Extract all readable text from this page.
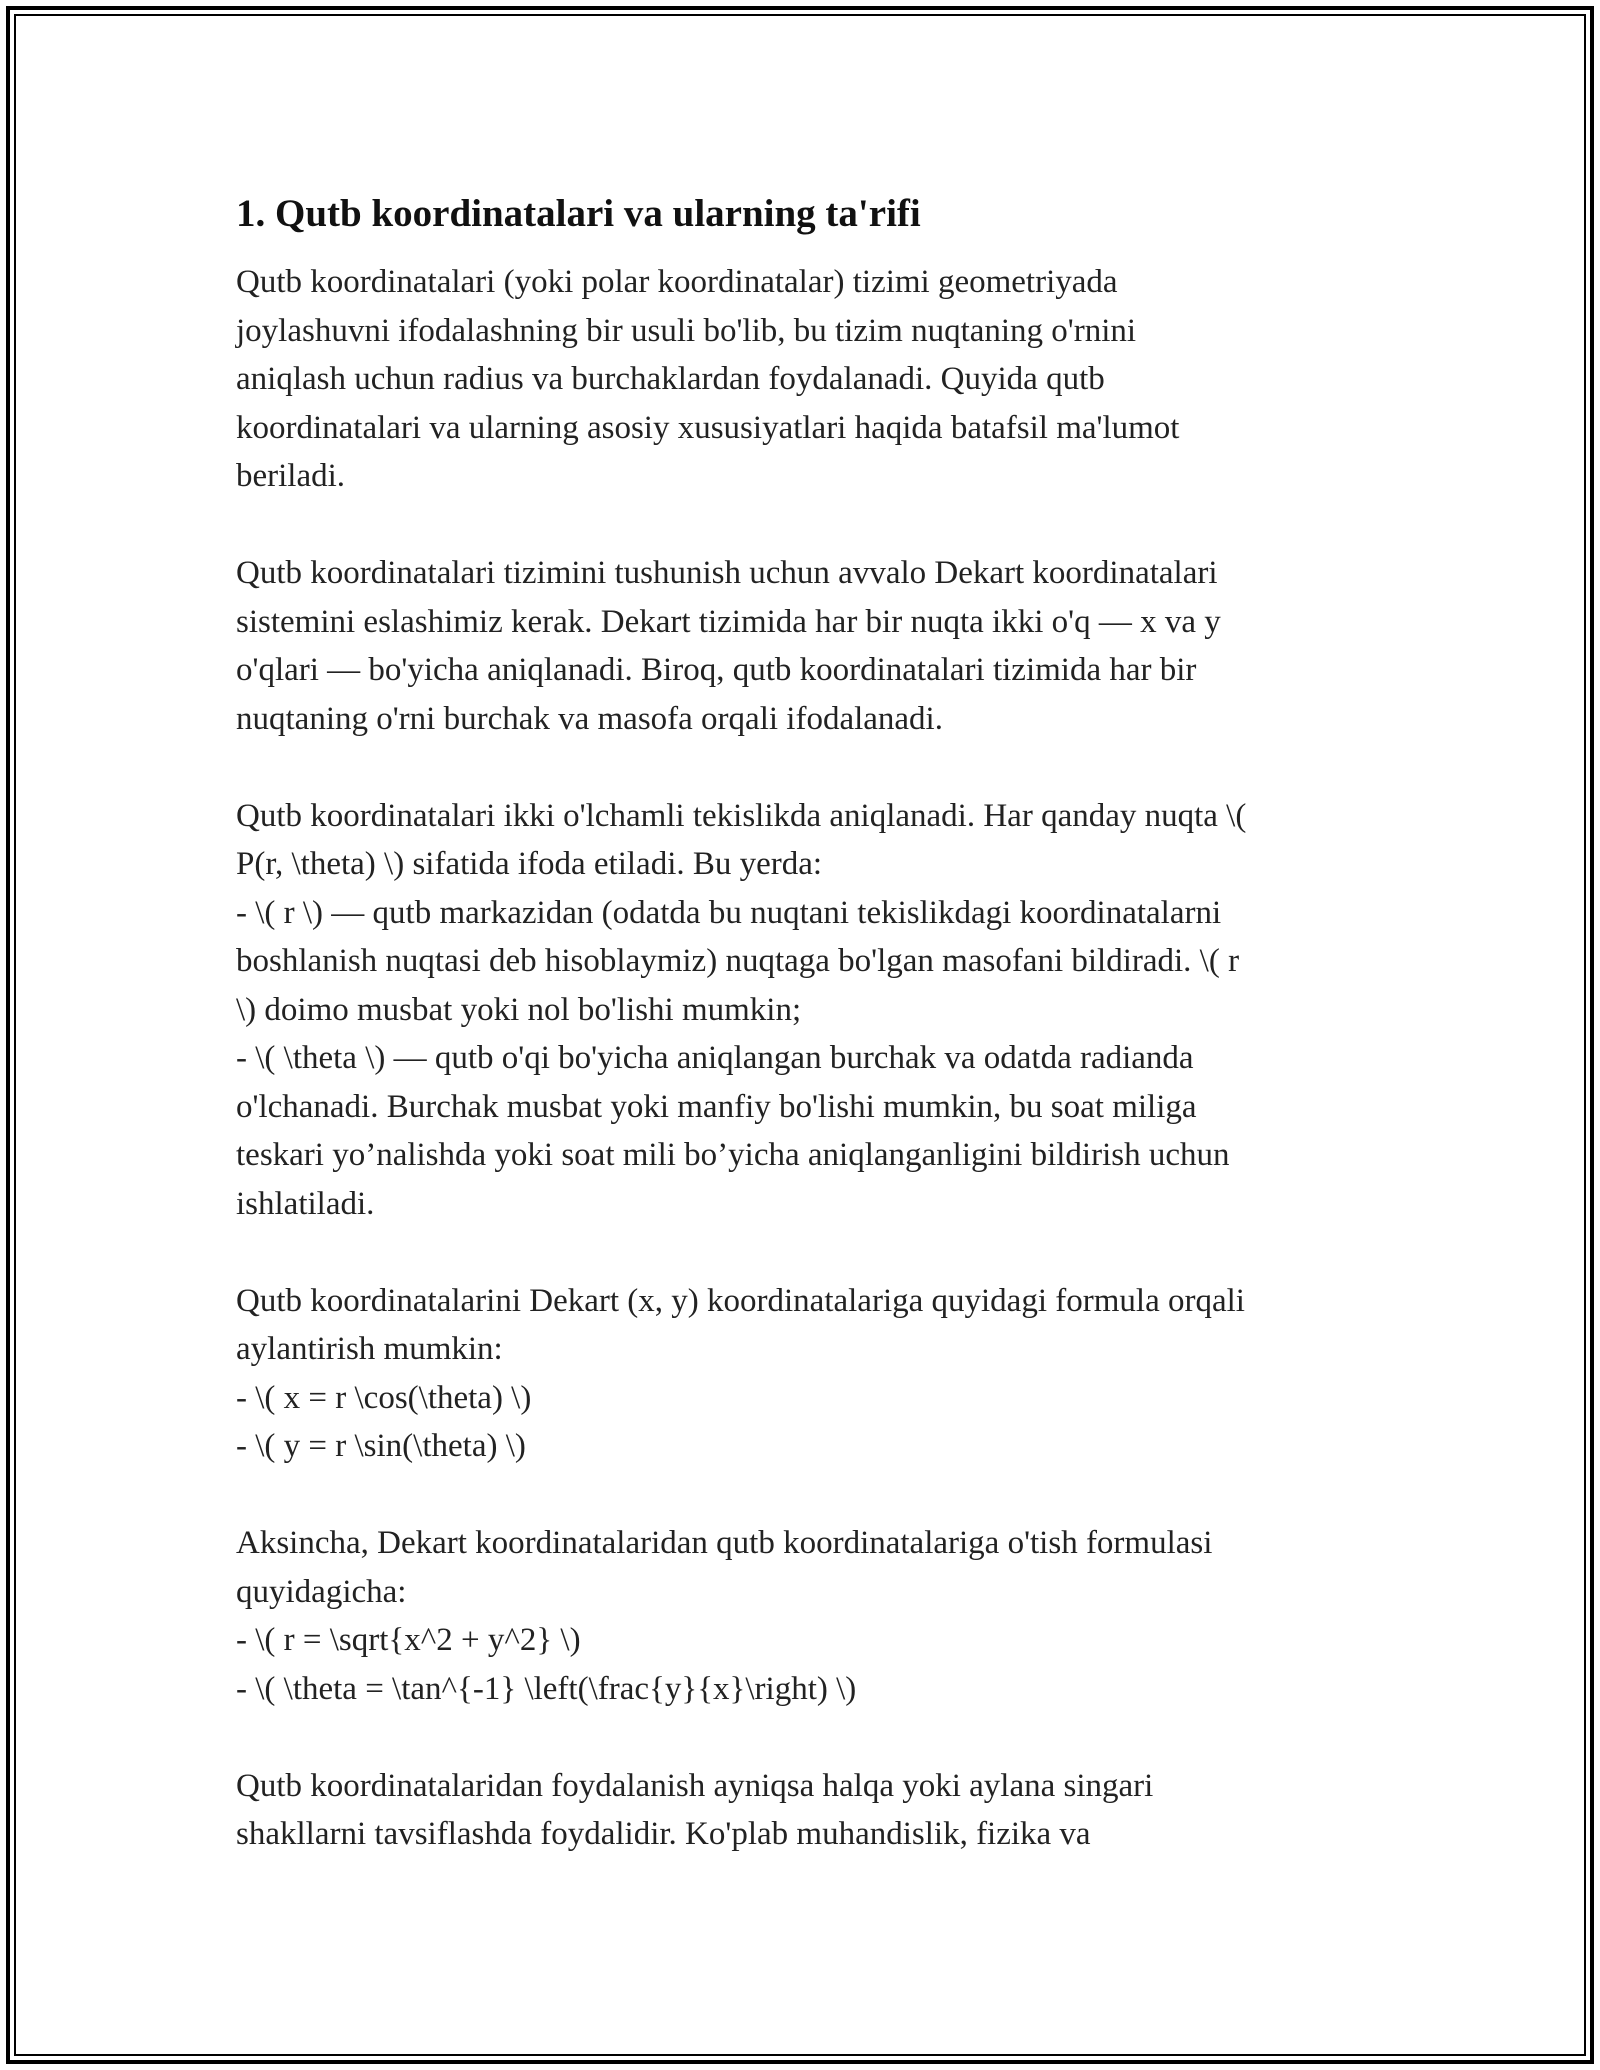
1. Qutb koordinatalari va ularning ta'rifi

Qutb koordinatalari (yoki polar koordinatalar) tizimi geometriyada
joylashuvni ifodalashning bir usuli bo'lib, bu tizim nuqtaning o'rnini
aniqlash uchun radius va burchaklardan foydalanadi. Quyida qutb
koordinatalari va ularning asosiy xususiyatlari haqida batafsil ma'lumot
beriladi.

Qutb koordinatalari tizimini tushunish uchun avvalo Dekart koordinatalari
sistemini eslashimiz kerak. Dekart tizimida har bir nuqta ikki o'q — x va y
o'qlari — bo'yicha aniqlanadi. Biroq, qutb koordinatalari tizimida har bir
nuqtaning o'rni burchak va masofa orqali ifodalanadi.

Qutb koordinatalari ikki o'lchamli tekislikda aniqlanadi. Har qanday nuqta \(
P(r, \theta) \) sifatida ifoda etiladi. Bu yerda:
- \( r \) — qutb markazidan (odatda bu nuqtani tekislikdagi koordinatalarni
boshlanish nuqtasi deb hisoblaymiz) nuqtaga bo'lgan masofani bildiradi. \( r
\) doimo musbat yoki nol bo'lishi mumkin;
- \( \theta \) — qutb o'qi bo'yicha aniqlangan burchak va odatda radianda
o'lchanadi. Burchak musbat yoki manfiy bo'lishi mumkin, bu soat miliga
teskari yo’nalishda yoki soat mili bo’yicha aniqlanganligini bildirish uchun
ishlatiladi.

Qutb koordinatalarini Dekart (x, y) koordinatalariga quyidagi formula orqali
aylantirish mumkin:
- \( x = r \cos(\theta) \)
- \( y = r \sin(\theta) \)

Aksincha, Dekart koordinatalaridan qutb koordinatalariga o'tish formulasi
quyidagicha:
- \( r = \sqrt{x^2 + y^2} \)
- \( \theta = \tan^{-1} \left(\frac{y}{x}\right) \)

Qutb koordinatalaridan foydalanish ayniqsa halqa yoki aylana singari
shakllarni tavsiflashda foydalidir. Ko'plab muhandislik, fizika va
